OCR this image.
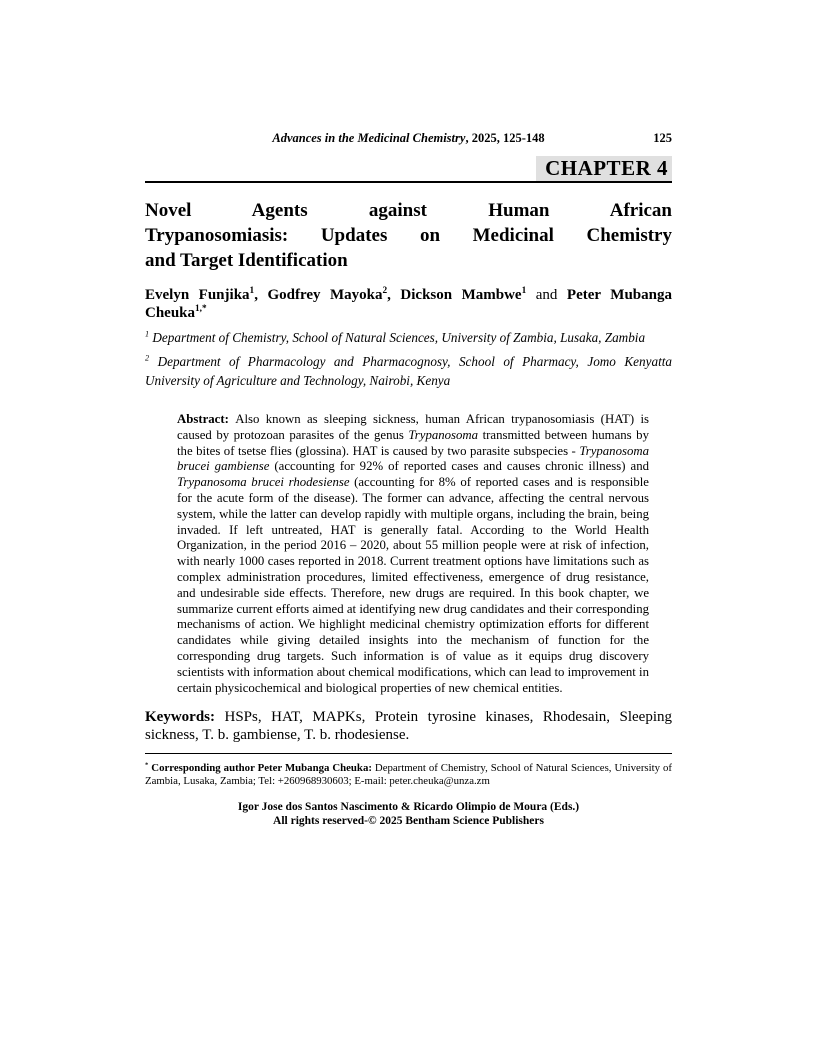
Advances in the Medicinal Chemistry, 2025, 125-148	125
CHAPTER 4
Novel Agents against Human African
Trypanosomiasis: Updates on Medicinal Chemistry
and Target Identification

Evelyn Funjika$^1$, Godfrey Mayoka$^2$, Dickson Mambwe$^1$ and Peter Mubanga Cheuka$^{1,*}$

$^1$ Department of Chemistry, School of Natural Sciences, University of Zambia, Lusaka, Zambia

$^2$ Department of Pharmacology and Pharmacognosy, School of Pharmacy, Jomo Kenyatta University of Agriculture and Technology, Nairobi, Kenya

Abstract: Also known as sleeping sickness, human African trypanosomiasis (HAT) is caused by protozoan parasites of the genus Trypanosoma transmitted between humans by the bites of tsetse flies (glossina). HAT is caused by two parasite subspecies - Trypanosoma brucei gambiense (accounting for 92% of reported cases and causes chronic illness) and Trypanosoma brucei rhodesiense (accounting for 8% of reported cases and is responsible for the acute form of the disease). The former can advance, affecting the central nervous system, while the latter can develop rapidly with multiple organs, including the brain, being invaded. If left untreated, HAT is generally fatal. According to the World Health Organization, in the period 2016 – 2020, about 55 million people were at risk of infection, with nearly 1000 cases reported in 2018. Current treatment options have limitations such as complex administration procedures, limited effectiveness, emergence of drug resistance, and undesirable side effects. Therefore, new drugs are required. In this book chapter, we summarize current efforts aimed at identifying new drug candidates and their corresponding mechanisms of action. We highlight medicinal chemistry optimization efforts for different candidates while giving detailed insights into the mechanism of function for the corresponding drug targets. Such information is of value as it equips drug discovery scientists with information about chemical modifications, which can lead to improvement in certain physicochemical and biological properties of new chemical entities.

Keywords: HSPs, HAT, MAPKs, Protein tyrosine kinases, Rhodesain, Sleeping sickness, T. b. gambiense, T. b. rhodesiense.

* Corresponding author Peter Mubanga Cheuka: Department of Chemistry, School of Natural Sciences, University of Zambia, Lusaka, Zambia; Tel: +260968930603; E-mail: peter.cheuka@unza.zm

Igor Jose dos Santos Nascimento & Ricardo Olimpio de Moura (Eds.)
All rights reserved-© 2025 Bentham Science Publishers
